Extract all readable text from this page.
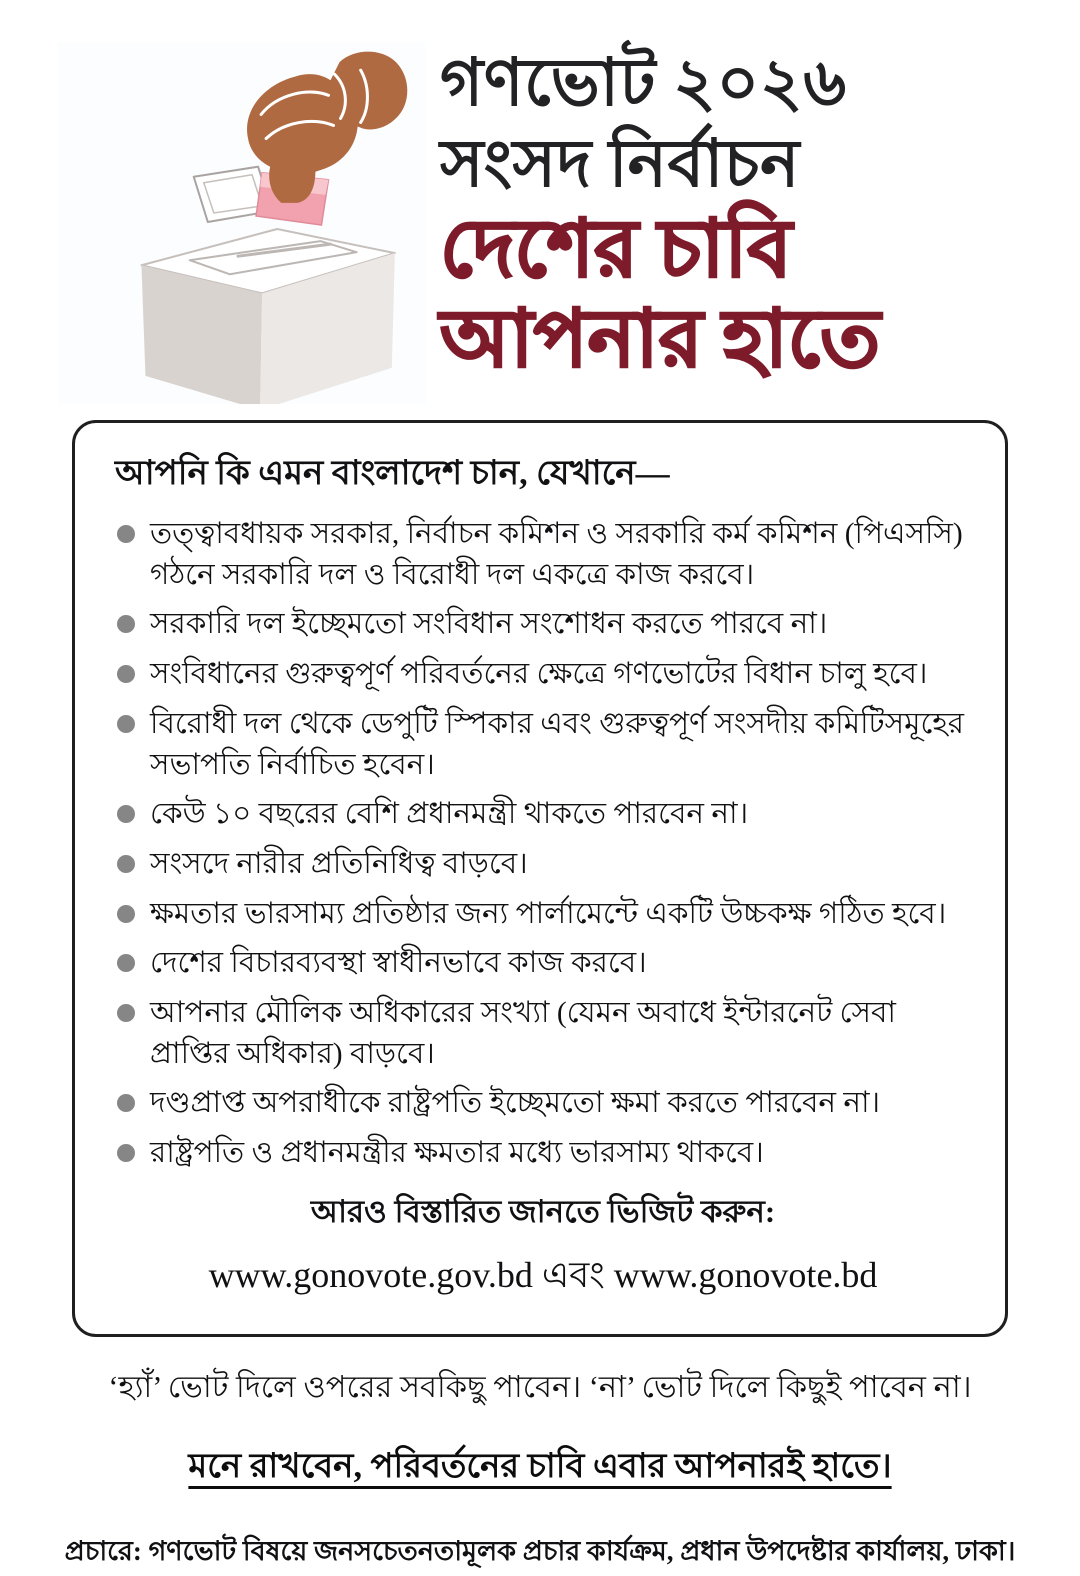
গণভোট ২০২৬
সংসদ নির্বাচন
দেশের চাবি
আপনার হাতে
আপনি কি এমন বাংলাদেশ চান, যেখানে—
তত্ত্বাবধায়ক সরকার, নির্বাচন কমিশন ও সরকারি কর্ম কমিশন (পিএসসি) গঠনে সরকারি দল ও বিরোধী দল একত্রে কাজ করবে।
সরকারি দল ইচ্ছেমতো সংবিধান সংশোধন করতে পারবে না।
সংবিধানের গুরুত্বপূর্ণ পরিবর্তনের ক্ষেত্রে গণভোটের বিধান চালু হবে।
বিরোধী দল থেকে ডেপুটি স্পিকার এবং গুরুত্বপূর্ণ সংসদীয় কমিটিসমূহের সভাপতি নির্বাচিত হবেন।
কেউ ১০ বছরের বেশি প্রধানমন্ত্রী থাকতে পারবেন না।
সংসদে নারীর প্রতিনিধিত্ব বাড়বে।
ক্ষমতার ভারসাম্য প্রতিষ্ঠার জন্য পার্লামেন্টে একটি উচ্চকক্ষ গঠিত হবে।
দেশের বিচারব্যবস্থা স্বাধীনভাবে কাজ করবে।
আপনার মৌলিক অধিকারের সংখ্যা (যেমন অবাধে ইন্টারনেট সেবা প্রাপ্তির অধিকার) বাড়বে।
দণ্ডপ্রাপ্ত অপরাধীকে রাষ্ট্রপতি ইচ্ছেমতো ক্ষমা করতে পারবেন না।
রাষ্ট্রপতি ও প্রধানমন্ত্রীর ক্ষমতার মধ্যে ভারসাম্য থাকবে।

আরও বিস্তারিত জানতে ভিজিট করুন:

www.gonovote.gov.bd এবং www.gonovote.bd

‘হ্যাঁ’ ভোট দিলে ওপরের সবকিছু পাবেন। ‘না’ ভোট দিলে কিছুই পাবেন না।

মনে রাখবেন, পরিবর্তনের চাবি এবার আপনারই হাতে।

প্রচারে: গণভোট বিষয়ে জনসচেতনতামূলক প্রচার কার্যক্রম, প্রধান উপদেষ্টার কার্যালয়, ঢাকা।
